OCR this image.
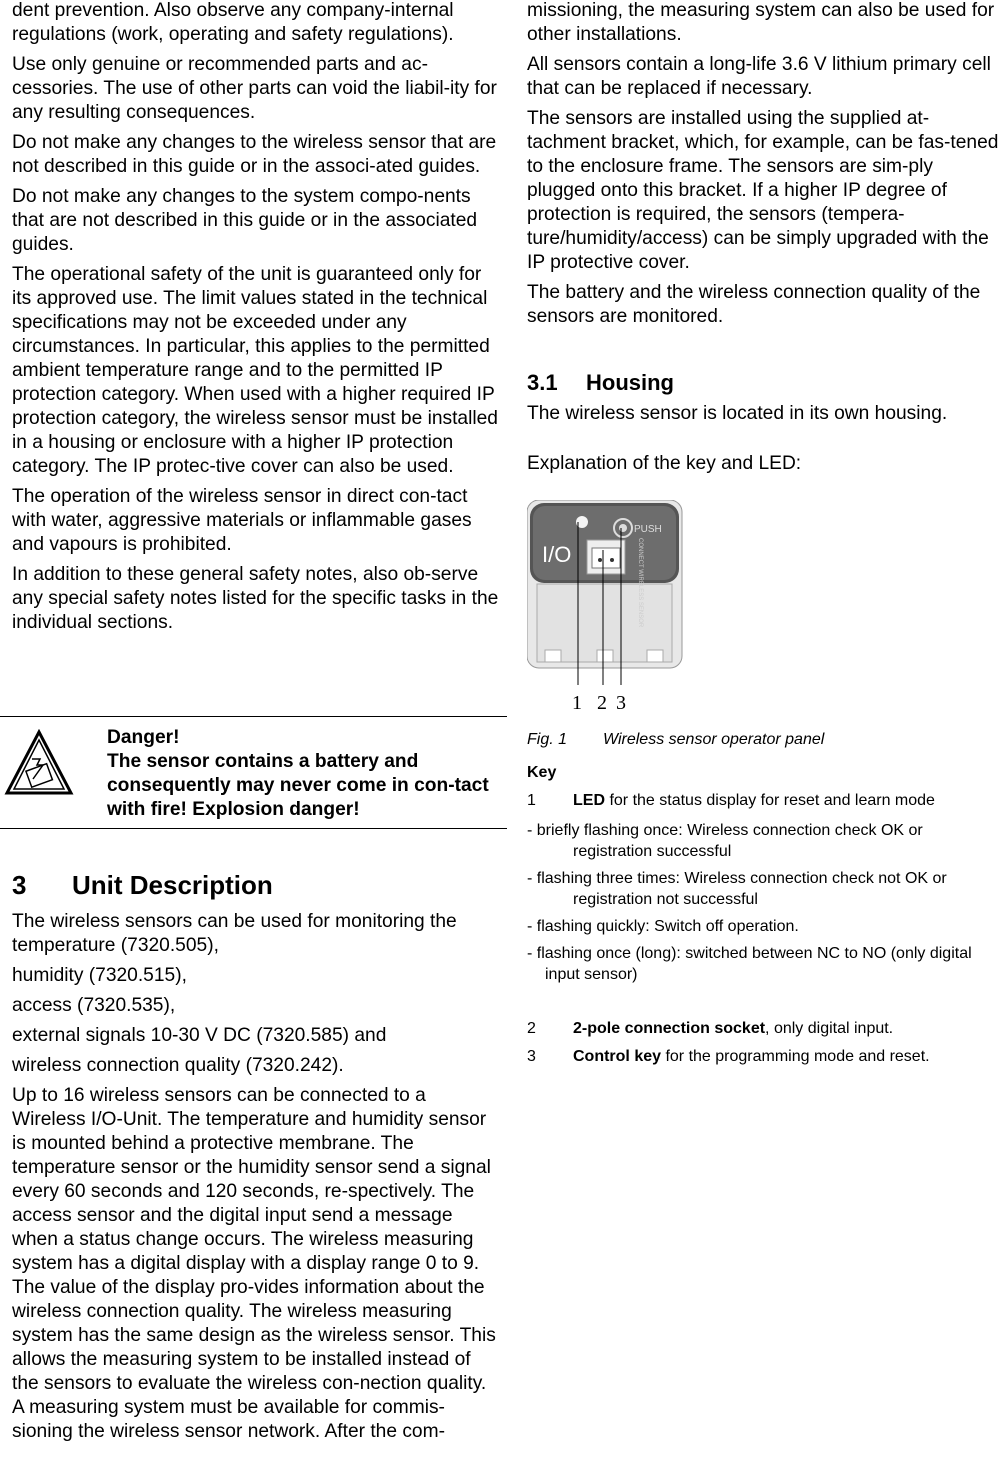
dent prevention. Also observe any company-internal regulations (work, operating and safety regulations).

Use only genuine or recommended parts and ac-cessories. The use of other parts can void the liabil-ity for any resulting consequences.

Do not make any changes to the wireless sensor that are not described in this guide or in the associ-ated guides.

Do not make any changes to the system compo-nents that are not described in this guide or in the associated guides.

The operational safety of the unit is guaranteed only for its approved use. The limit values stated in the technical specifications may not be exceeded under any circumstances. In particular, this applies to the permitted ambient temperature range and to the permitted IP protection category. When used with a higher required IP protection category, the wireless sensor must be installed in a housing or enclosure with a higher IP protection category. The IP protec-tive cover can also be used.

The operation of the wireless sensor in direct con-tact with water, aggressive materials or inflammable gases and vapours is prohibited.

In addition to these general safety notes, also ob-serve any special safety notes listed for the specific tasks in the individual sections.

Danger!
The sensor contains a battery and consequently may never come in con-tact with fire! Explosion danger!
3	Unit Description

The wireless sensors can be used for monitoring the temperature (7320.505),

humidity (7320.515),

access (7320.535),

external signals 10-30 V DC (7320.585) and

wireless connection quality (7320.242).

Up to 16 wireless sensors can be connected to a Wireless I/O-Unit. The temperature and humidity sensor is mounted behind a protective membrane. The temperature sensor or the humidity sensor send a signal every 60 seconds and 120 seconds, re-spectively. The access sensor and the digital input send a message when a status change occurs. The wireless measuring system has a digital display with a display range 0 to 9. The value of the display pro-vides information about the wireless connection quality. The wireless measuring system has the same design as the wireless sensor. This allows the measuring system to be installed instead of the sensors to evaluate the wireless con-nection quality. A measuring system must be available for commis-sioning the wireless sensor network. After the com-

missioning, the measuring system can also be used for other installations.

All sensors contain a long-life 3.6 V lithium primary cell that can be replaced if necessary.

The sensors are installed using the supplied at-tachment bracket, which, for example, can be fas-tened to the enclosure frame. The sensors are sim-ply plugged onto this bracket. If a higher IP degree of protection is required, the sensors (tempera-ture/humidity/access) can be simply upgraded with the IP protective cover.

The battery and the wireless connection quality of the sensors are monitored.

3.1	Housing

The wireless sensor is located in its own housing.

Explanation of the key and LED:

I/O
PUSH
CONNECT WIRELESS SENSOR
1 2 3
Fig. 1	Wireless sensor operator panel
Key
1	LED for the status display for reset and learn mode
- briefly flashing once: Wireless connection check OK or registration successful
- flashing three times: Wireless connection check not OK or registration not successful
- flashing quickly: Switch off operation.
- flashing once (long): switched between NC to NO (only digital input sensor)
2	2-pole connection socket, only digital input.
3	Control key for the programming mode and reset.
